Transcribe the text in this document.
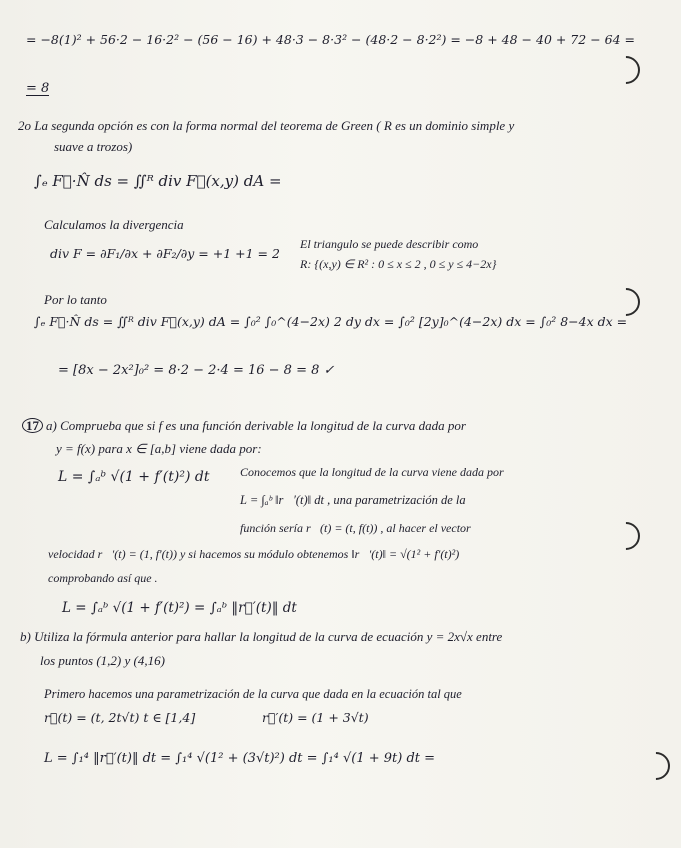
= −8(1)² + 56·2 − 16·2² − (56 − 16) + 48·3 − 8·3² − (48·2 − 8·2²) = −8 + 48 − 40 + 72 − 64 =
= 8
2o La segunda opción es con la forma normal del teorema de Green ( R es un dominio simple y
suave a trozos)
∫ₑ F⃗·N̂ ds = ∬ᴿ div F⃗(x,y) dA =
Calculamos la divergencia
div F = ∂F₁/∂x + ∂F₂/∂y = +1 +1 = 2
El triangulo se puede describir como
R: {(x,y) ∈ R² : 0 ≤ x ≤ 2 , 0 ≤ y ≤ 4−2x}
Por lo tanto
∫ₑ F⃗·N̂ ds = ∬ᴿ div F⃗(x,y) dA = ∫₀² ∫₀^(4−2x) 2 dy dx = ∫₀² [2y]₀^(4−2x) dx = ∫₀² 8−4x dx =
= [8x − 2x²]₀² = 8·2 − 2·4 = 16 − 8 = 8 ✓
17 a) Comprueba que si f es una función derivable la longitud de la curva dada por
y = f(x) para x ∈ [a,b] viene dada por:
L = ∫ₐᵇ √(1 + f′(t)²) dt	Conocemos que la longitud de la curva viene dada por
L = ∫ₐᵇ ‖r⃗′(t)‖ dt , una parametrización de la
función sería r⃗(t) = (t, f(t)) , al hacer el vector
velocidad r⃗′(t) = (1, f′(t)) y si hacemos su módulo obtenemos ‖r⃗′(t)‖ = √(1² + f′(t)²)
comprobando así que .
L = ∫ₐᵇ √(1 + f′(t)²) = ∫ₐᵇ ‖r⃗′(t)‖ dt
b) Utiliza la fórmula anterior para hallar la longitud de la curva de ecuación y = 2x√x entre
los puntos (1,2) y (4,16)
Primero hacemos una parametrización de la curva que dada en la ecuación tal que
r⃗(t) = (t, 2t√t) t ∈ [1,4]	r⃗′(t) = (1 + 3√t)
L = ∫₁⁴ ‖r⃗′(t)‖ dt = ∫₁⁴ √(1² + (3√t)²) dt = ∫₁⁴ √(1 + 9t) dt =
